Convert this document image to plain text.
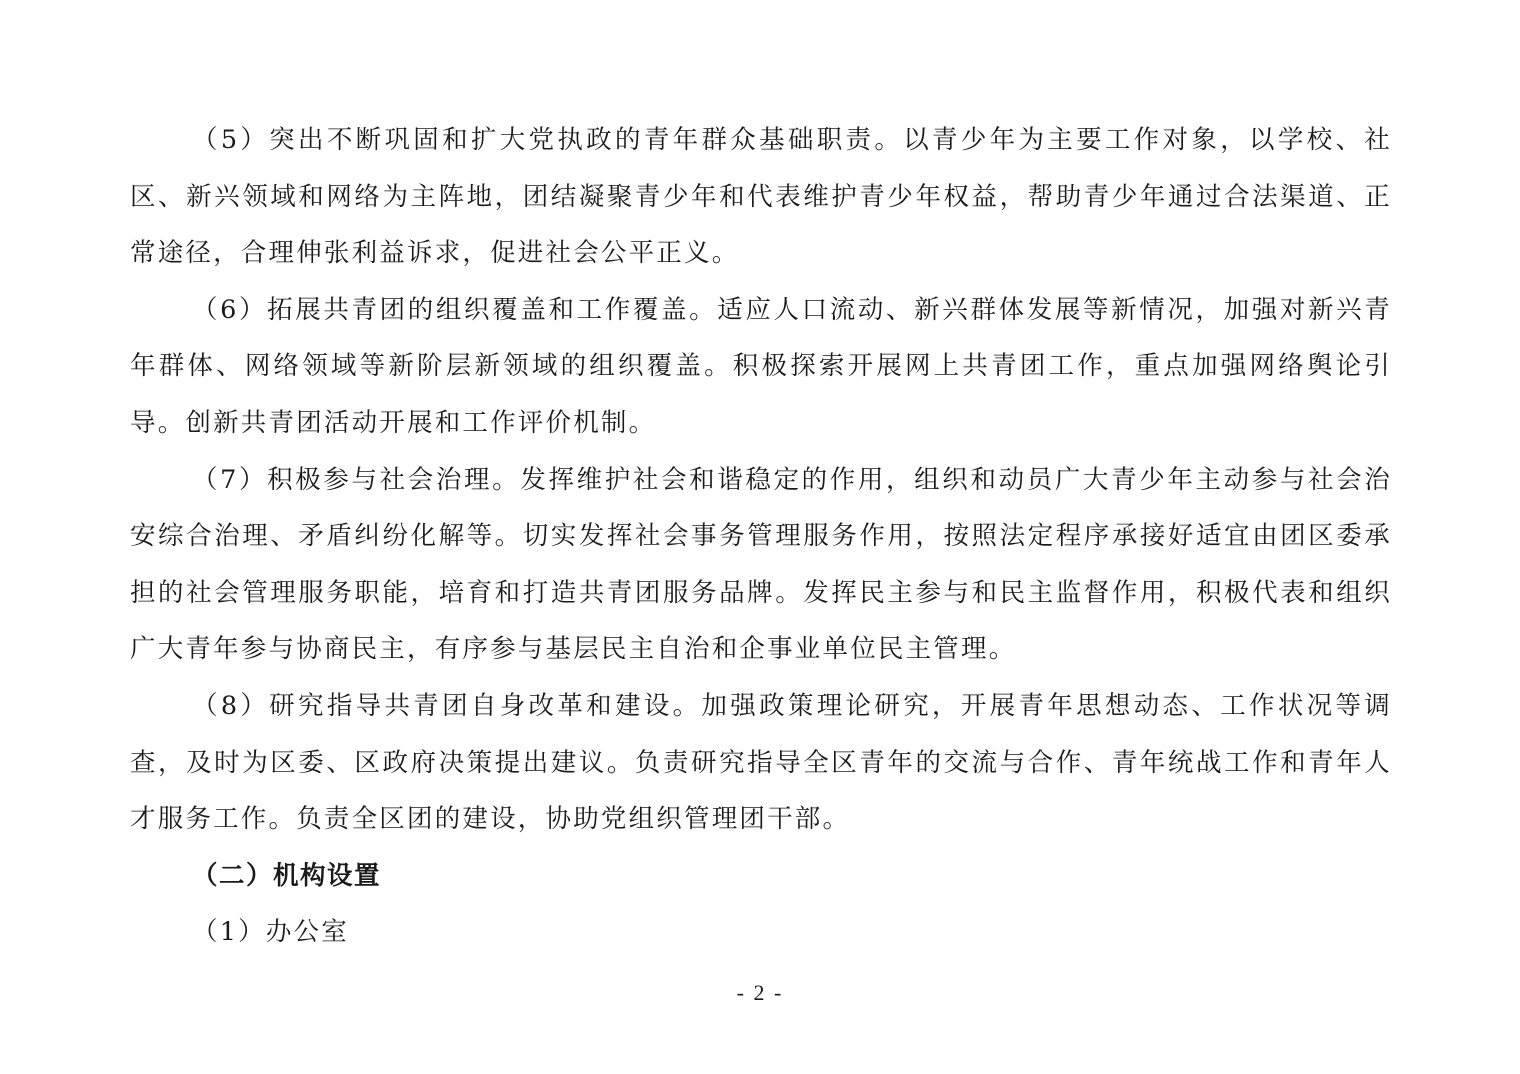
（5）突出不断巩固和扩大党执政的青年群众基础职责。以青少年为主要工作对象，以学校、社区、新兴领域和网络为主阵地，团结凝聚青少年和代表维护青少年权益，帮助青少年通过合法渠道、正常途径，合理伸张利益诉求，促进社会公平正义。

（6）拓展共青团的组织覆盖和工作覆盖。适应人口流动、新兴群体发展等新情况，加强对新兴青年群体、网络领域等新阶层新领域的组织覆盖。积极探索开展网上共青团工作，重点加强网络舆论引导。创新共青团活动开展和工作评价机制。

（7）积极参与社会治理。发挥维护社会和谐稳定的作用，组织和动员广大青少年主动参与社会治安综合治理、矛盾纠纷化解等。切实发挥社会事务管理服务作用，按照法定程序承接好适宜由团区委承担的社会管理服务职能，培育和打造共青团服务品牌。发挥民主参与和民主监督作用，积极代表和组织广大青年参与协商民主，有序参与基层民主自治和企事业单位民主管理。

（8）研究指导共青团自身改革和建设。加强政策理论研究，开展青年思想动态、工作状况等调查，及时为区委、区政府决策提出建议。负责研究指导全区青年的交流与合作、青年统战工作和青年人才服务工作。负责全区团的建设，协助党组织管理团干部。

（二）机构设置

（1）办公室

- 2 -
